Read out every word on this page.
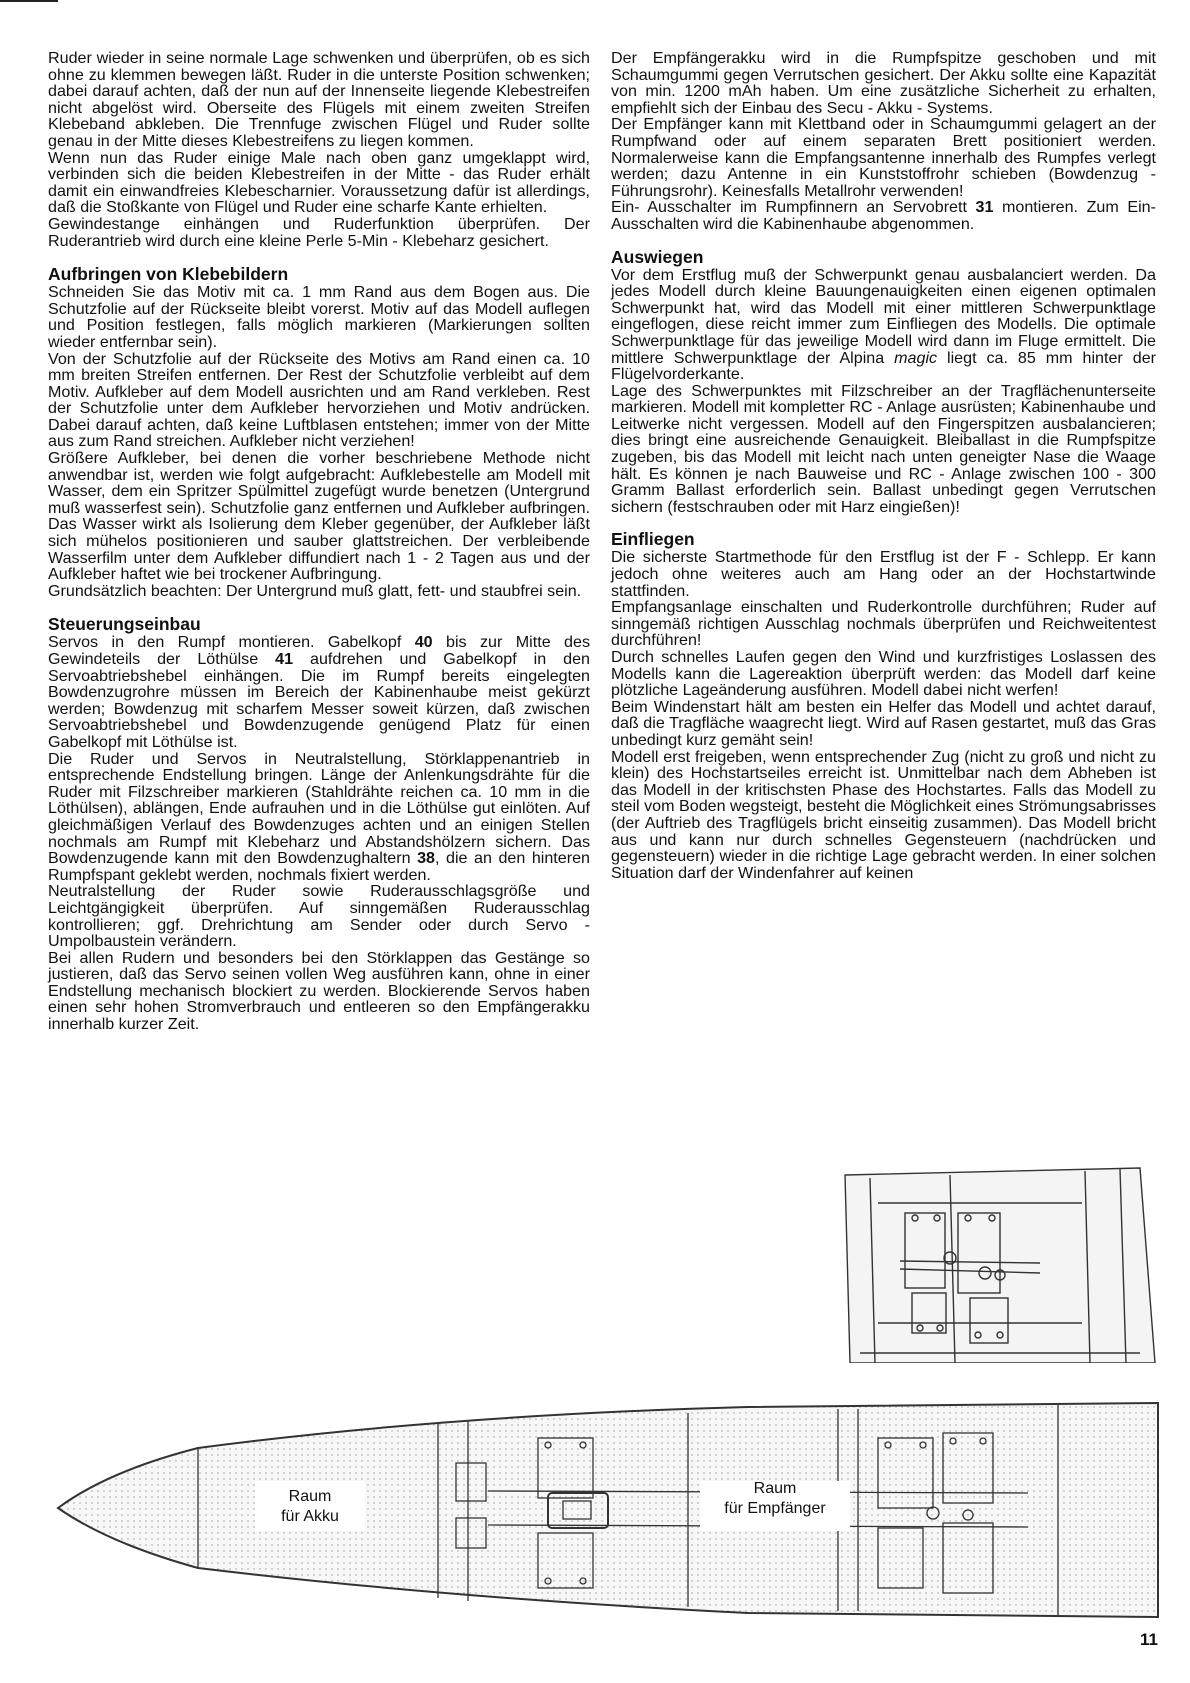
Ruder wieder in seine normale Lage schwenken und überprüfen, ob es sich ohne zu klemmen bewegen läßt. Ruder in die unterste Position schwenken; dabei darauf achten, daß der nun auf der Innenseite liegende Klebestreifen nicht abgelöst wird. Oberseite des Flügels mit einem zweiten Streifen Klebeband abkleben. Die Trennfuge zwischen Flügel und Ruder sollte genau in der Mitte dieses Klebestreifens zu liegen kommen.

Wenn nun das Ruder einige Male nach oben ganz umgeklappt wird, verbinden sich die beiden Klebestreifen in der Mitte - das Ruder erhält damit ein einwandfreies Klebescharnier. Voraussetzung dafür ist allerdings, daß die Stoßkante von Flügel und Ruder eine scharfe Kante erhielten.

Gewindestange einhängen und Ruderfunktion überprüfen. Der Ruderantrieb wird durch eine kleine Perle 5-Min - Klebeharz gesichert.

Aufbringen von Klebebildern

Schneiden Sie das Motiv mit ca. 1 mm Rand aus dem Bogen aus. Die Schutzfolie auf der Rückseite bleibt vorerst. Motiv auf das Modell auflegen und Position festlegen, falls möglich markieren (Markierungen sollten wieder entfernbar sein).

Von der Schutzfolie auf der Rückseite des Motivs am Rand einen ca. 10 mm breiten Streifen entfernen. Der Rest der Schutzfolie verbleibt auf dem Motiv. Aufkleber auf dem Modell ausrichten und am Rand verkleben. Rest der Schutzfolie unter dem Aufkleber hervorziehen und Motiv andrücken. Dabei darauf achten, daß keine Luftblasen entstehen; immer von der Mitte aus zum Rand streichen. Aufkleber nicht verziehen!

Größere Aufkleber, bei denen die vorher beschriebene Methode nicht anwendbar ist, werden wie folgt aufgebracht: Aufklebestelle am Modell mit Wasser, dem ein Spritzer Spülmittel zugefügt wurde benetzen (Untergrund muß wasserfest sein). Schutzfolie ganz entfernen und Aufkleber aufbringen. Das Wasser wirkt als Isolierung dem Kleber gegenüber, der Aufkleber läßt sich mühelos positionieren und sauber glattstreichen. Der verbleibende Wasserfilm unter dem Aufkleber diffundiert nach 1 - 2 Tagen aus und der Aufkleber haftet wie bei trockener Aufbringung.

Grundsätzlich beachten: Der Untergrund muß glatt, fett- und staubfrei sein.

Steuerungseinbau

Servos in den Rumpf montieren. Gabelkopf 40 bis zur Mitte des Gewindeteils der Löthülse 41 aufdrehen und Gabelkopf in den Servoabtriebshebel einhängen. Die im Rumpf bereits eingelegten Bowdenzugrohre müssen im Bereich der Kabinenhaube meist gekürzt werden; Bowdenzug mit scharfem Messer soweit kürzen, daß zwischen Servoabtriebshebel und Bowdenzugende genügend Platz für einen Gabelkopf mit Löthülse ist.

Die Ruder und Servos in Neutralstellung, Störklappenantrieb in entsprechende Endstellung bringen. Länge der Anlenkungsdrähte für die Ruder mit Filzschreiber markieren (Stahldrähte reichen ca. 10 mm in die Löthülsen), ablängen, Ende aufrauhen und in die Löthülse gut einlöten. Auf gleichmäßigen Verlauf des Bowdenzuges achten und an einigen Stellen nochmals am Rumpf mit Klebeharz und Abstandshölzern sichern. Das Bowdenzugende kann mit den Bowdenzughaltern 38, die an den hinteren Rumpfspant geklebt werden, nochmals fixiert werden.

Neutralstellung der Ruder sowie Ruderausschlagsgröße und Leichtgängigkeit überprüfen. Auf sinngemäßen Ruderausschlag kontrollieren; ggf. Drehrichtung am Sender oder durch Servo - Umpolbaustein verändern.

Bei allen Rudern und besonders bei den Störklappen das Gestänge so justieren, daß das Servo seinen vollen Weg ausführen kann, ohne in einer Endstellung mechanisch blockiert zu werden. Blockierende Servos haben einen sehr hohen Stromverbrauch und entleeren so den Empfängerakku innerhalb kurzer Zeit.

Der Empfängerakku wird in die Rumpfspitze geschoben und mit Schaumgummi gegen Verrutschen gesichert. Der Akku sollte eine Kapazität von min. 1200 mAh haben. Um eine zusätzliche Sicherheit zu erhalten, empfiehlt sich der Einbau des Secu - Akku - Systems.

Der Empfänger kann mit Klettband oder in Schaumgummi gelagert an der Rumpfwand oder auf einem separaten Brett positioniert werden. Normalerweise kann die Empfangsantenne innerhalb des Rumpfes verlegt werden; dazu Antenne in ein Kunststoffrohr schieben (Bowdenzug - Führungsrohr). Keinesfalls Metallrohr verwenden!

Ein- Ausschalter im Rumpfinnern an Servobrett 31 montieren. Zum Ein- Ausschalten wird die Kabinenhaube abgenommen.

Auswiegen

Vor dem Erstflug muß der Schwerpunkt genau ausbalanciert werden. Da jedes Modell durch kleine Bauungenauigkeiten einen eigenen optimalen Schwerpunkt hat, wird das Modell mit einer mittleren Schwerpunktlage eingeflogen, diese reicht immer zum Einfliegen des Modells. Die optimale Schwerpunktlage für das jeweilige Modell wird dann im Fluge ermittelt. Die mittlere Schwerpunktlage der Alpina magic liegt ca. 85 mm hinter der Flügelvorderkante.

Lage des Schwerpunktes mit Filzschreiber an der Tragflächenunterseite markieren. Modell mit kompletter RC - Anlage ausrüsten; Kabinenhaube und Leitwerke nicht vergessen. Modell auf den Fingerspitzen ausbalancieren; dies bringt eine ausreichende Genauigkeit. Bleiballast in die Rumpfspitze zugeben, bis das Modell mit leicht nach unten geneigter Nase die Waage hält. Es können je nach Bauweise und RC - Anlage zwischen 100 - 300 Gramm Ballast erforderlich sein. Ballast unbedingt gegen Verrutschen sichern (festschrauben oder mit Harz eingießen)!

Einfliegen

Die sicherste Startmethode für den Erstflug ist der F - Schlepp. Er kann jedoch ohne weiteres auch am Hang oder an der Hochstartwinde stattfinden.

Empfangsanlage einschalten und Ruderkontrolle durchführen; Ruder auf sinngemäß richtigen Ausschlag nochmals überprüfen und Reichweitentest durchführen!

Durch schnelles Laufen gegen den Wind und kurzfristiges Loslassen des Modells kann die Lagereaktion überprüft werden: das Modell darf keine plötzliche Lageänderung ausführen. Modell dabei nicht werfen!

Beim Windenstart hält am besten ein Helfer das Modell und achtet darauf, daß die Tragfläche waagrecht liegt. Wird auf Rasen gestartet, muß das Gras unbedingt kurz gemäht sein!

Modell erst freigeben, wenn entsprechender Zug (nicht zu groß und nicht zu klein) des Hochstartseiles erreicht ist. Unmittelbar nach dem Abheben ist das Modell in der kritischsten Phase des Hochstartes. Falls das Modell zu steil vom Boden wegsteigt, besteht die Möglichkeit eines Strömungsabrisses (der Auftrieb des Tragflügels bricht einseitig zusammen). Das Modell bricht aus und kann nur durch schnelles Gegensteuern (nachdrücken und gegensteuern) wieder in die richtige Lage gebracht werden. In einer solchen Situation darf der Windenfahrer auf keinen

Raum
für Akku
Raum
für Empfänger
11
